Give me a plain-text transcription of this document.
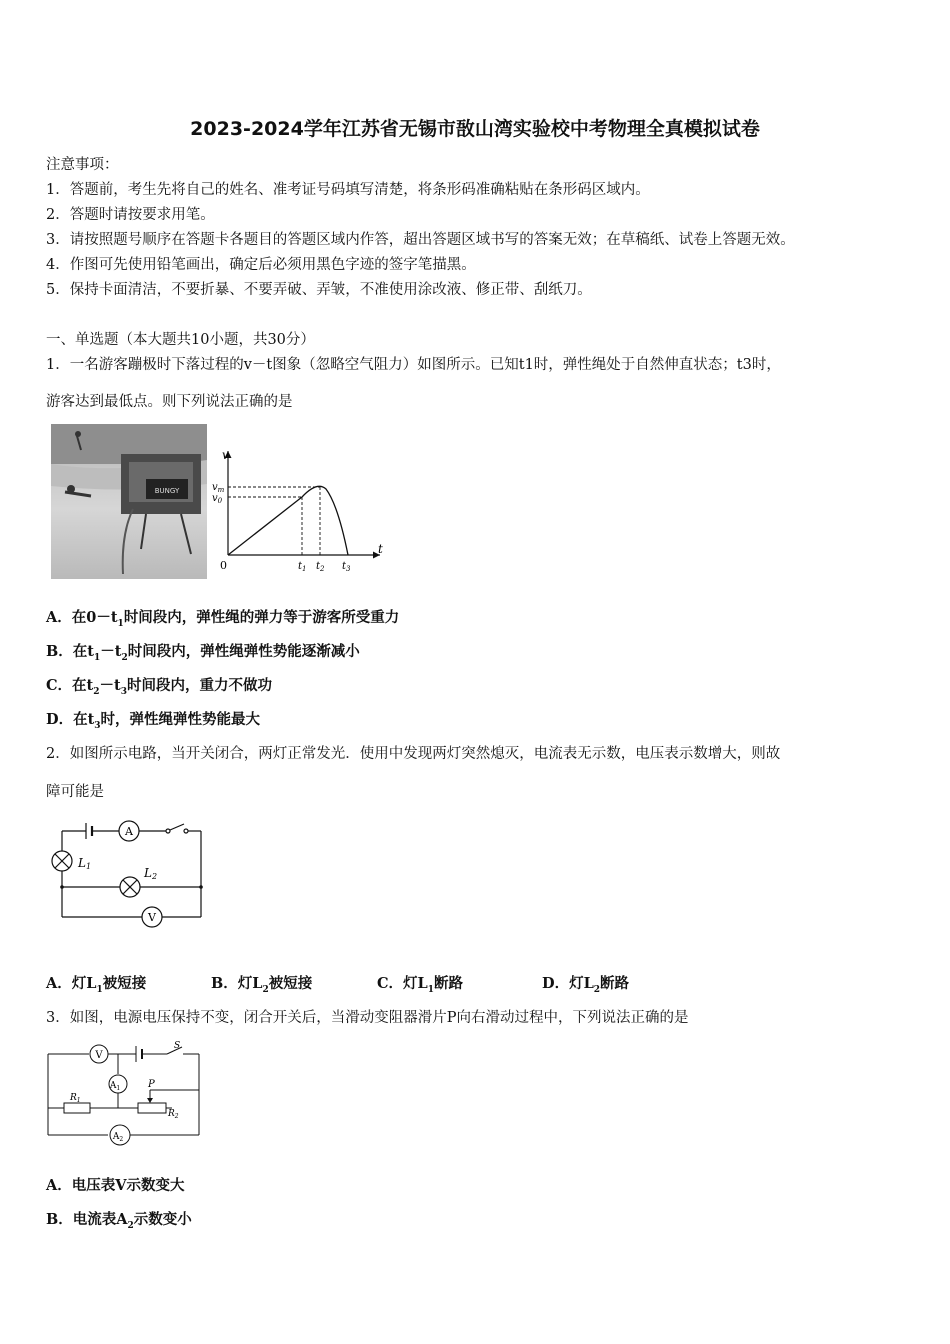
2023-2024学年江苏省无锡市敔山湾实验校中考物理全真模拟试卷
注意事项：
1．答题前，考生先将自己的姓名、准考证号码填写清楚，将条形码准确粘贴在条形码区域内。
2．答题时请按要求用笔。
3．请按照题号顺序在答题卡各题目的答题区域内作答，超出答题区域书写的答案无效；在草稿纸、试卷上答题无效。
4．作图可先使用铅笔画出，确定后必须用黑色字迹的签字笔描黑。
5．保持卡面清洁，不要折暴、不要弄破、弄皱，不准使用涂改液、修正带、刮纸刀。
一、单选题（本大题共10小题，共30分）
1．一名游客蹦极时下落过程的v－t图象（忽略空气阻力）如图所示。已知t1时，弹性绳处于自然伸直状态；t3时，
游客达到最低点。则下列说法正确的是
BUNGY
v
t
0
$v_m$
$v_0$
$t_1$ $t_2$ $t_3$
A．在$0-t_1$时间段内，弹性绳的弹力等于游客所受重力
B．在$t_1-t_2$时间段内，弹性绳弹性势能逐渐减小
C．在$t_2-t_3$时间段内，重力不做功
D．在$t_3$时，弹性绳弹性势能最大
2．如图所示电路，当开关闭合，两灯正常发光．使用中发现两灯突然熄灭，电流表无示数，电压表示数增大，则故
障可能是
A
V
L1	L2
A．灯$L_1$被短接	B．灯$L_2$被短接	C．灯$L_1$断路	D．灯$L_2$断路
3．如图，电源电压保持不变，闭合开关后，当滑动变阻器滑片P向右滑动过程中，下列说法正确的是
V
$A_1$
$A_2$
S
P
$R_1$
$R_2$
A．电压表V示数变大
B．电流表$A_2$示数变小
